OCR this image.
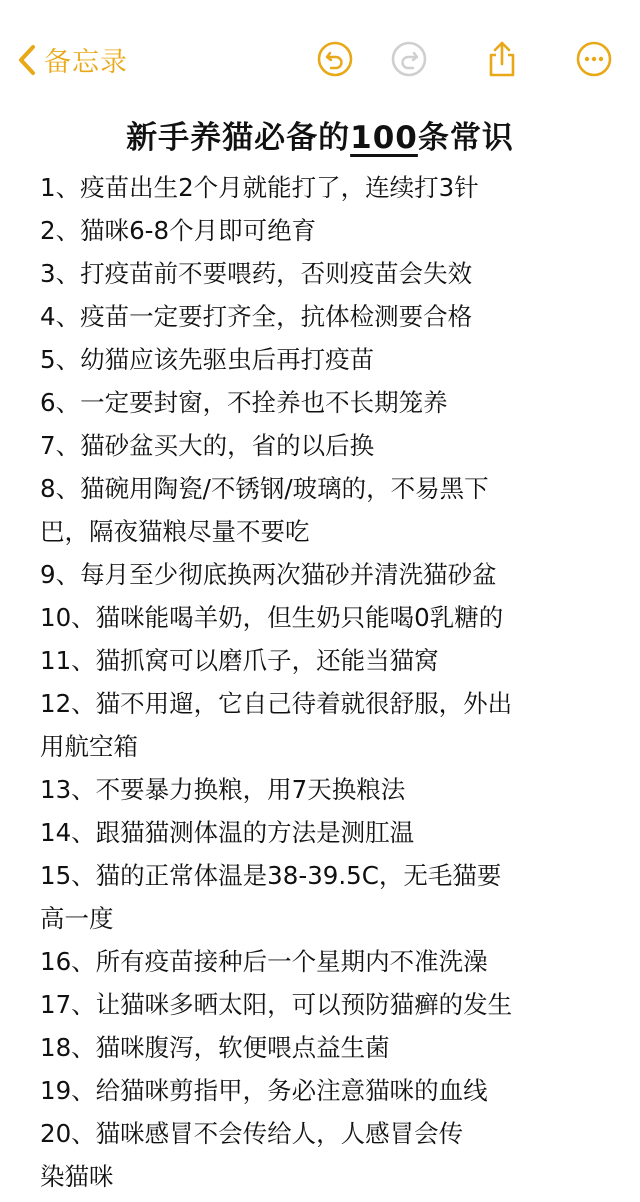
备忘录
新手养猫必备的100条常识
1、疫苗出生2个月就能打了，连续打3针
2、猫咪6-8个月即可绝育
3、打疫苗前不要喂药，否则疫苗会失效
4、疫苗一定要打齐全，抗体检测要合格
5、幼猫应该先驱虫后再打疫苗
6、一定要封窗，不拴养也不长期笼养
7、猫砂盆买大的，省的以后换
8、猫碗用陶瓷/不锈钢/玻璃的，不易黑下
巴，隔夜猫粮尽量不要吃
9、每月至少彻底换两次猫砂并清洗猫砂盆
10、猫咪能喝羊奶，但生奶只能喝0乳糖的
11、猫抓窝可以磨爪子，还能当猫窝
12、猫不用遛，它自己待着就很舒服，外出
用航空箱
13、不要暴力换粮，用7天换粮法
14、跟猫猫测体温的方法是测肛温
15、猫的正常体温是38-39.5C，无毛猫要
高一度
16、所有疫苗接种后一个星期内不准洗澡
17、让猫咪多晒太阳，可以预防猫癣的发生
18、猫咪腹泻，软便喂点益生菌
19、给猫咪剪指甲，务必注意猫咪的血线
20、猫咪感冒不会传给人，人感冒会传
染猫咪
